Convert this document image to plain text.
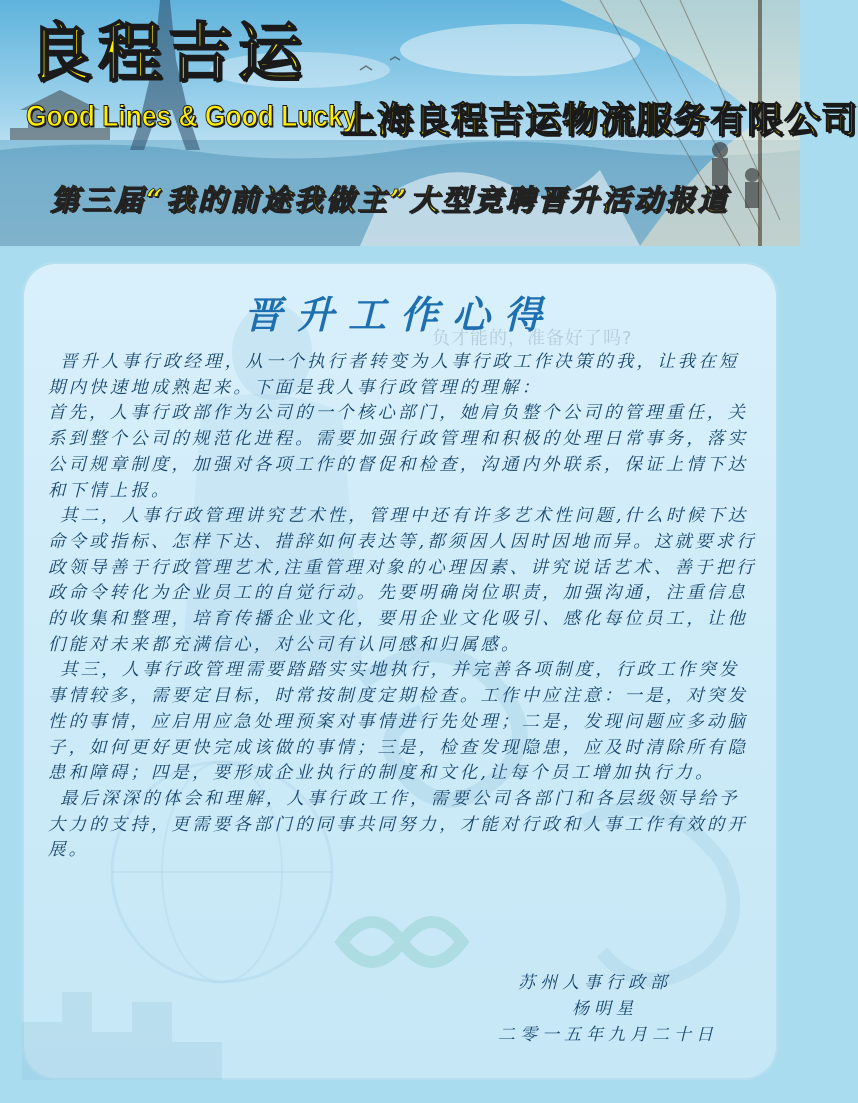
良程吉运
Good Lines & Good Lucky
上海良程吉运物流服务有限公司
第三届“我的前途我做主”大型竞聘晋升活动报道
负才能的，准备好了吗?
晋升工作心得

晋升人事行政经理，从一个执行者转变为人事行政工作决策的我，让我在短期内快速地成熟起来。下面是我人事行政管理的理解：

首先，人事行政部作为公司的一个核心部门，她肩负整个公司的管理重任，关系到整个公司的规范化进程。需要加强行政管理和积极的处理日常事务，落实公司规章制度，加强对各项工作的督促和检查，沟通内外联系，保证上情下达和下情上报。

其二，人事行政管理讲究艺术性，管理中还有许多艺术性问题,什么时候下达命令或指标、怎样下达、措辞如何表达等,都须因人因时因地而异。这就要求行政领导善于行政管理艺术,注重管理对象的心理因素、讲究说话艺术、善于把行政命令转化为企业员工的自觉行动。先要明确岗位职责，加强沟通，注重信息的收集和整理，培育传播企业文化，要用企业文化吸引、感化每位员工，让他们能对未来都充满信心，对公司有认同感和归属感。

其三，人事行政管理需要踏踏实实地执行，并完善各项制度，行政工作突发事情较多，需要定目标，时常按制度定期检查。工作中应注意：一是，对突发性的事情，应启用应急处理预案对事情进行先处理；二是，发现问题应多动脑子，如何更好更快完成该做的事情；三是，检查发现隐患，应及时清除所有隐患和障碍；四是，要形成企业执行的制度和文化,让每个员工增加执行力。

最后深深的体会和理解，人事行政工作，需要公司各部门和各层级领导给予大力的支持，更需要各部门的同事共同努力，才能对行政和人事工作有效的开展。

苏州人事行政部
杨明星
二零一五年九月二十日
